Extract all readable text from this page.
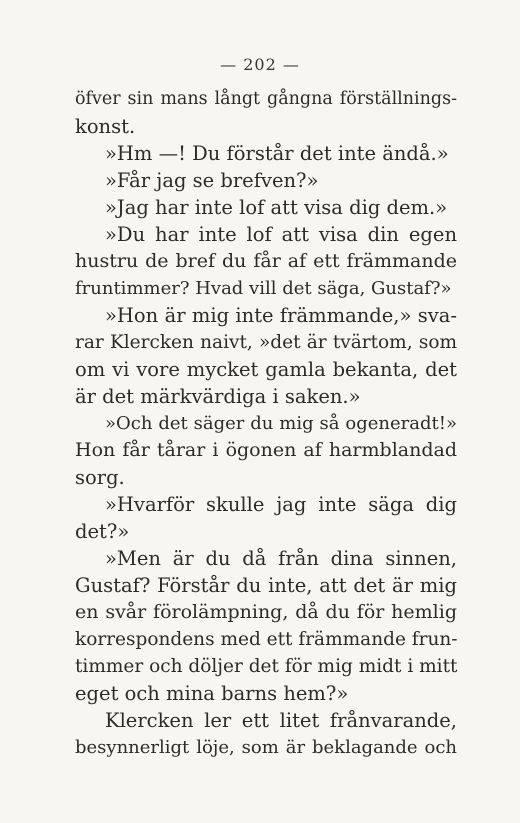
— 202 —
öfver sin mans långt gångna förställnings-
konst.
»Hm —! Du förstår det inte ändå.»
»Får jag se brefven?»
»Jag har inte lof att visa dig dem.»
»Du har inte lof att visa din egen
hustru de bref du får af ett främmande
fruntimmer? Hvad vill det säga, Gustaf?»
»Hon är mig inte främmande,» sva-
rar Klercken naivt, »det är tvärtom, som
om vi vore mycket gamla bekanta, det
är det märkvärdiga i saken.»
»Och det säger du mig så ogeneradt!»
Hon får tårar i ögonen af harmblandad
sorg.
»Hvarför skulle jag inte säga dig
det?»
»Men är du då från dina sinnen,
Gustaf? Förstår du inte, att det är mig
en svår förolämpning, då du för hemlig
korrespondens med ett främmande frun-
timmer och döljer det för mig midt i mitt
eget och mina barns hem?»
Klercken ler ett litet frånvarande,
besynnerligt löje, som är beklagande och
